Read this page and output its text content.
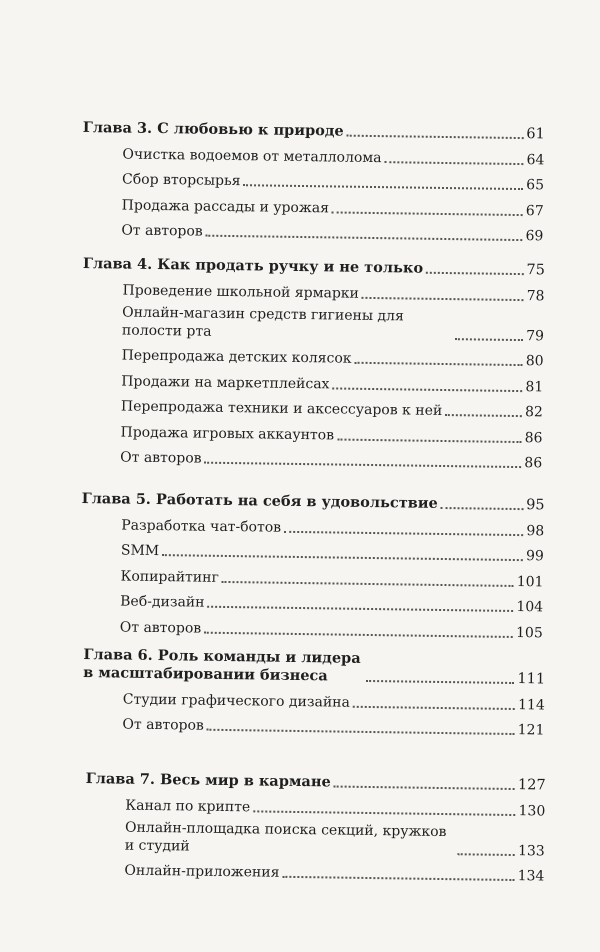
Глава 3. С любовью к природе	61
Очистка водоемов от металлолома	64
Сбор вторсырья	65
Продажа рассады и урожая	67
От авторов	69
Глава 4. Как продать ручку и не только	75
Проведение школьной ярмарки	78
Онлайн-магазин средств гигиены для полости рта	79
Перепродажа детских колясок	80
Продажи на маркетплейсах	81
Перепродажа техники и аксессуаров к ней	82
Продажа игровых аккаунтов	86
От авторов	86
Глава 5. Работать на себя в удовольствие	95
Разработка чат-ботов	98
SMM	99
Копирайтинг	101
Веб-дизайн	104
От авторов	105
Глава 6. Роль команды и лидера в масштабировании бизнеса	111
Студии графического дизайна	114
От авторов	121
Глава 7. Весь мир в кармане	127
Канал по крипте	130
Онлайн-площадка поиска секций, кружков и студий	133
Онлайн-приложения	134
